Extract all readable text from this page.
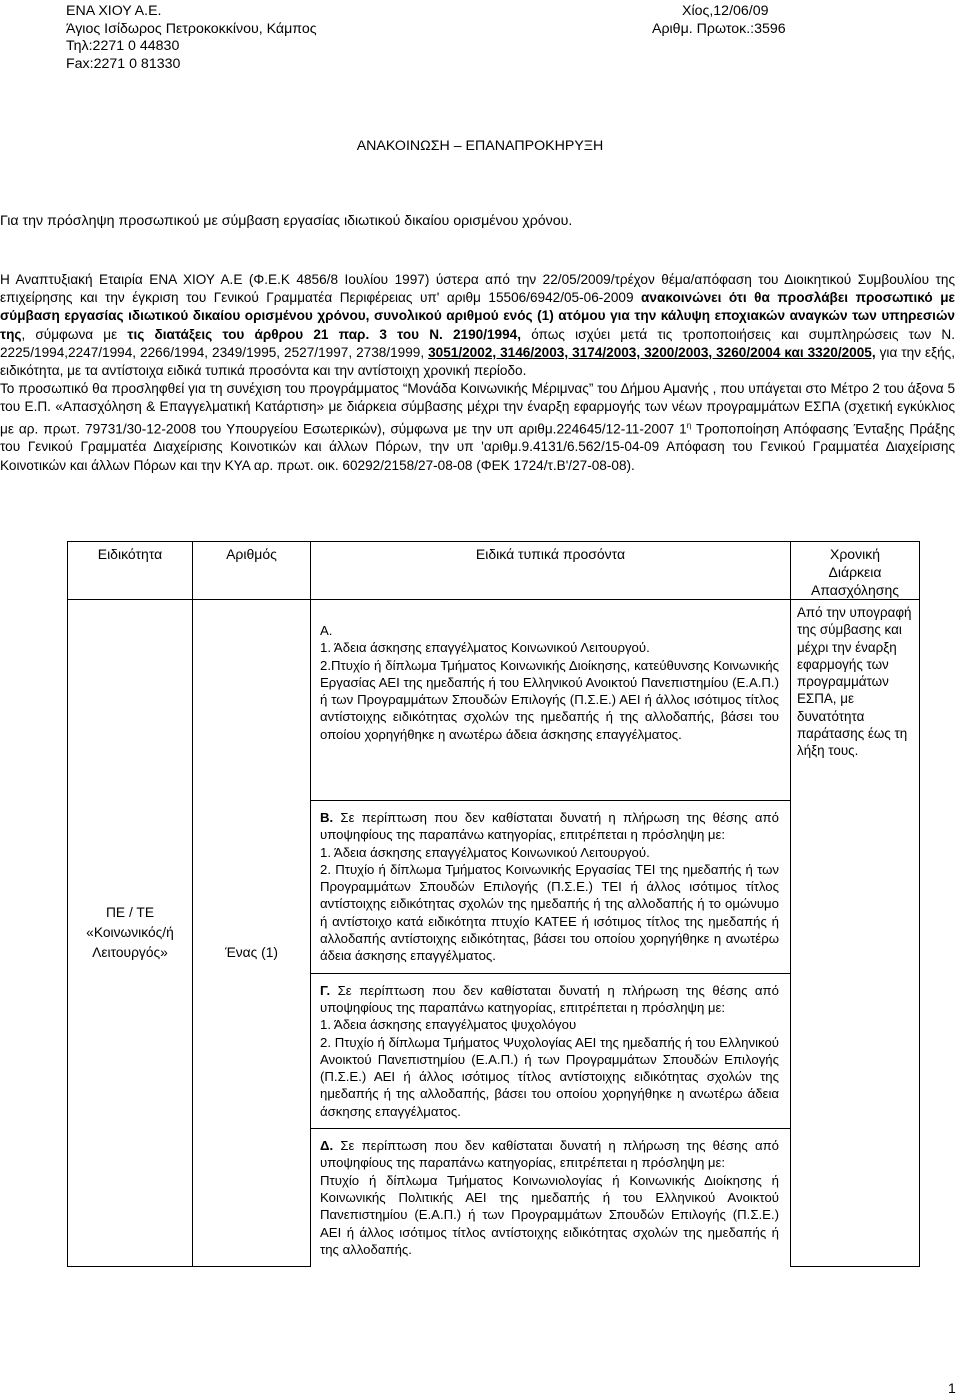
ΕΝΑ ΧΙΟΥ Α.Ε.
Άγιος Ισίδωρος Πετροκοκκίνου, Κάμπος
Τηλ:2271 0 44830
Fax:2271 0 81330
Χίος,12/06/09
Αριθμ. Πρωτοκ.:3596
ΑΝΑΚΟΙΝΩΣΗ – ΕΠΑΝΑΠΡΟΚΗΡΥΞΗ
Για την πρόσληψη προσωπικού με σύμβαση εργασίας ιδιωτικού δικαίου ορισμένου χρόνου.

Η Αναπτυξιακή Εταιρία ΕΝΑ ΧΙΟΥ Α.Ε (Φ.Ε.Κ 4856/8 Ιουλίου 1997) ύστερα από την 22/05/2009/τρέχον θέμα/απόφαση του Διοικητικού Συμβουλίου της επιχείρησης και την έγκριση του Γενικού Γραμματέα Περιφέρειας υπ' αριθμ 15506/6942/05-06-2009 ανακοινώνει ότι θα προσλάβει προσωπικό με σύμβαση εργασίας ιδιωτικού δικαίου ορισμένου χρόνου, συνολικού αριθμού ενός (1) ατόμου για την κάλυψη εποχιακών αναγκών των υπηρεσιών της, σύμφωνα με τις διατάξεις του άρθρου 21 παρ. 3 του Ν. 2190/1994, όπως ισχύει μετά τις τροποποιήσεις και συμπληρώσεις των Ν. 2225/1994,2247/1994, 2266/1994, 2349/1995, 2527/1997, 2738/1999, 3051/2002, 3146/2003, 3174/2003, 3200/2003, 3260/2004 και 3320/2005, για την εξής, ειδικότητα, με τα αντίστοιχα ειδικά τυπικά προσόντα και την αντίστοιχη χρονική περίοδο.

Το προσωπικό θα προσληφθεί για τη συνέχιση του προγράμματος “Μονάδα Κοινωνικής Μέριμνας” του Δήμου Αμανής , που υπάγεται στο Μέτρο 2 του άξονα 5 του Ε.Π. «Απασχόληση & Επαγγελματική Κατάρτιση» με διάρκεια σύμβασης μέχρι την έναρξη εφαρμογής των νέων προγραμμάτων ΕΣΠΑ (σχετική εγκύκλιος με αρ. πρωτ. 79731/30-12-2008 του Υπουργείου Εσωτερικών), σύμφωνα με την υπ αριθμ.224645/12-11-2007 $1^\eta$ Τροποποίηση Απόφασης Ένταξης Πράξης του Γενικού Γραμματέα Διαχείρισης Κοινοτικών και άλλων Πόρων, την υπ 'αριθμ.9.4131/6.562/15-04-09 Απόφαση του Γενικού Γραμματέα Διαχείρισης Κοινοτικών και άλλων Πόρων και την ΚΥΑ αρ. πρωτ. οικ. 60292/2158/27-08-08 (ΦΕΚ 1724/τ.Β'/27-08-08).

Ειδικότητα	Αριθμός	Ειδικά τυπικά προσόντα	Χρονική Διάρκεια Απασχόλησης
ΠΕ / ΤΕ «Κοινωνικός/ή Λειτουργός»	Ένας (1)	Α.

1. Άδεια άσκησης επαγγέλματος Κοινωνικού Λειτουργού.

2.Πτυχίο ή δίπλωμα Τμήματος Κοινωνικής Διοίκησης, κατεύθυνσης Κοινωνικής Εργασίας ΑΕΙ της ημεδαπής ή του Ελληνικού Ανοικτού Πανεπιστημίου (Ε.Α.Π.) ή των Προγραμμάτων Σπουδών Επιλογής (Π.Σ.Ε.) ΑΕΙ ή άλλος ισότιμος τίτλος αντίστοιχης ειδικότητας σχολών της ημεδαπής ή της αλλοδαπής, βάσει του οποίου χορηγήθηκε η ανωτέρω άδεια άσκησης επαγγέλματος.	Από την υπογραφή της σύμβασης και μέχρι την έναρξη εφαρμογής των προγραμμάτων ΕΣΠΑ, με δυνατότητα παράτασης έως τη λήξη τους.

		Β. Σε περίπτωση που δεν καθίσταται δυνατή η πλήρωση της θέσης από υποψηφίους της παραπάνω κατηγορίας, επιτρέπεται η πρόσληψη με:

1. Άδεια άσκησης επαγγέλματος Κοινωνικού Λειτουργού.

2. Πτυχίο ή δίπλωμα Τμήματος Κοινωνικής Εργασίας ΤΕΙ της ημεδαπής ή των Προγραμμάτων Σπουδών Επιλογής (Π.Σ.Ε.) ΤΕΙ ή άλλος ισότιμος τίτλος αντίστοιχης ειδικότητας σχολών της ημεδαπής ή της αλλοδαπής ή το ομώνυμο ή αντίστοιχο κατά ειδικότητα πτυχίο ΚΑΤΕΕ ή ισότιμος τίτλος της ημεδαπής ή αλλοδαπής αντίστοιχης ειδικότητας, βάσει του οποίου χορηγήθηκε η ανωτέρω άδεια άσκησης επαγγέλματος.	

		Γ. Σε περίπτωση που δεν καθίσταται δυνατή η πλήρωση της θέσης από υποψηφίους της παραπάνω κατηγορίας, επιτρέπεται η πρόσληψη με:

1. Άδεια άσκησης επαγγέλματος ψυχολόγου

2. Πτυχίο ή δίπλωμα Τμήματος Ψυχολογίας ΑΕΙ της ημεδαπής ή του Ελληνικού Ανοικτού Πανεπιστημίου (Ε.Α.Π.) ή των Προγραμμάτων Σπουδών Επιλογής (Π.Σ.Ε.) ΑΕΙ ή άλλος ισότιμος τίτλος αντίστοιχης ειδικότητας σχολών της ημεδαπής ή της αλλοδαπής, βάσει του οποίου χορηγήθηκε η ανωτέρω άδεια άσκησης επαγγέλματος.	

		Δ. Σε περίπτωση που δεν καθίσταται δυνατή η πλήρωση της θέσης από υποψηφίους της παραπάνω κατηγορίας, επιτρέπεται η πρόσληψη με:

Πτυχίο ή δίπλωμα Τμήματος Κοινωνιολογίας ή Κοινωνικής Διοίκησης ή Κοινωνικής Πολιτικής ΑΕΙ της ημεδαπής ή του Ελληνικού Ανοικτού Πανεπιστημίου (Ε.Α.Π.) ή των Προγραμμάτων Σπουδών Επιλογής (Π.Σ.Ε.) ΑΕΙ ή άλλος ισότιμος τίτλος αντίστοιχης ειδικότητας σχολών της ημεδαπής ή της αλλοδαπής.	

1
